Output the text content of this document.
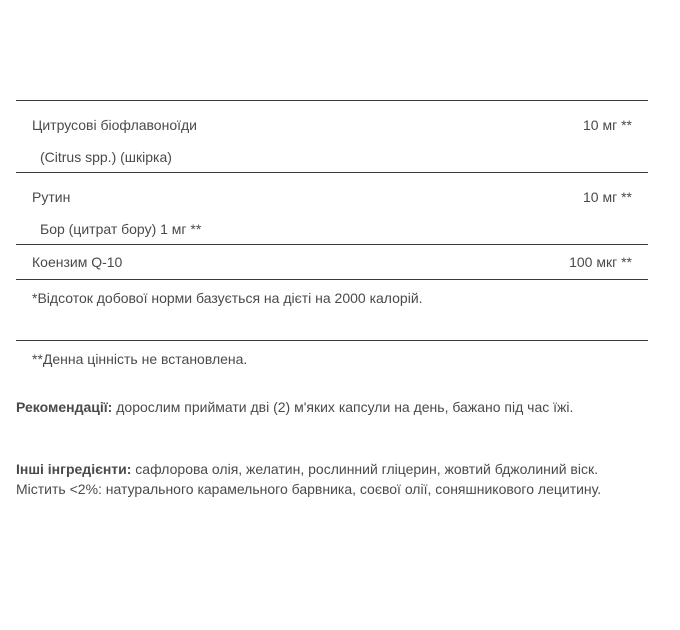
Цитрусові біофлавоноїди	10 мг **
(Citrus spp.) (шкірка)
Рутин	10 мг **
Бор (цитрат бору) 1 мг **
Коензим Q-10	100 мкг **
*Відсоток добової норми базується на дієті на 2000 калорій.
**Денна цінність не встановлена.
Рекомендації: дорослим приймати дві (2) м'яких капсули на день, бажано під час їжі.
Інші інгредієнти: сафлорова олія, желатин, рослинний гліцерин, жовтий бджолиний віск. Містить <2%: натурального карамельного барвника, соєвої олії, соняшникового лецитину.
